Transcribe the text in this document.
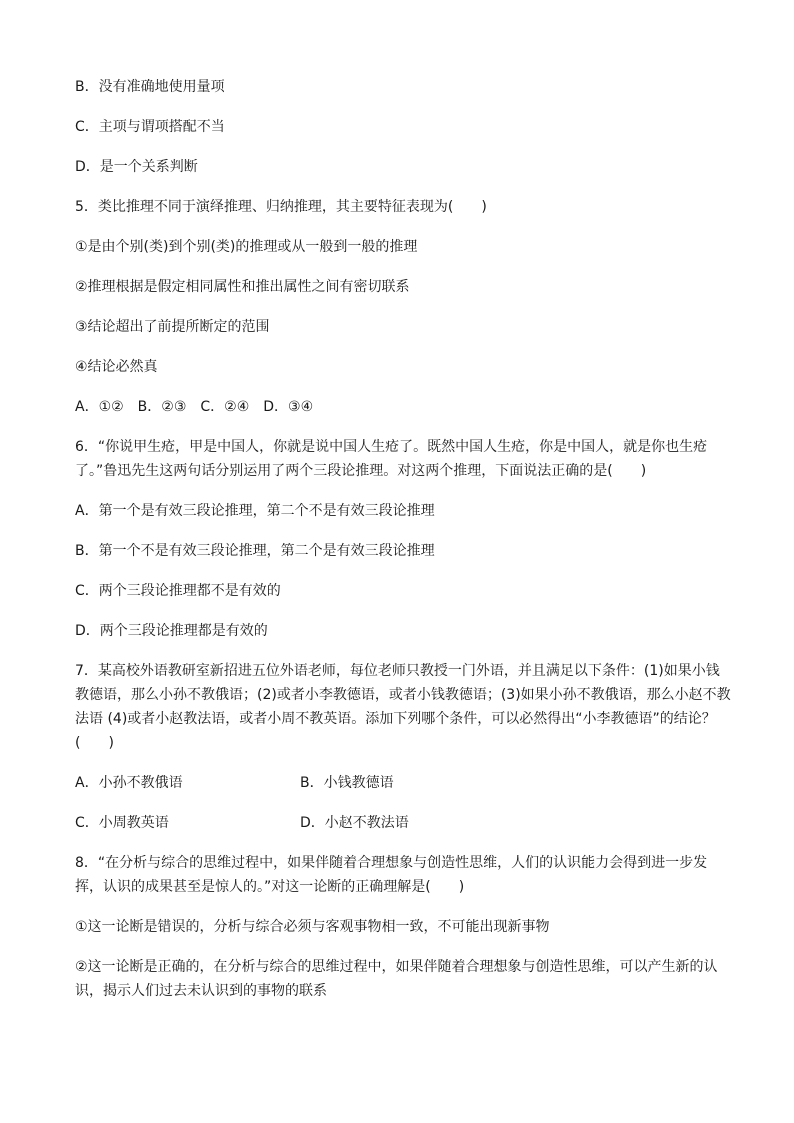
B．没有准确地使用量项
C．主项与谓项搭配不当
D．是一个关系判断
5．类比推理不同于演绎推理、归纳推理，其主要特征表现为(　　)
①是由个别(类)到个别(类)的推理或从一般到一般的推理
②推理根据是假定相同属性和推出属性之间有密切联系
③结论超出了前提所断定的范围
④结论必然真
A．①②　B．②③　C．②④　D．③④
6．“你说甲生疮，甲是中国人，你就是说中国人生疮了。既然中国人生疮，你是中国人，就是你也生疮
了。”鲁迅先生这两句话分别运用了两个三段论推理。对这两个推理，下面说法正确的是(　　)
A．第一个是有效三段论推理，第二个不是有效三段论推理
B．第一个不是有效三段论推理，第二个是有效三段论推理
C．两个三段论推理都不是有效的
D．两个三段论推理都是有效的
7．某高校外语教研室新招进五位外语老师，每位老师只教授一门外语，并且满足以下条件：(1)如果小钱
教德语，那么小孙不教俄语；(2)或者小李教德语，或者小钱教德语；(3)如果小孙不教俄语，那么小赵不教
法语 (4)或者小赵教法语，或者小周不教英语。添加下列哪个条件，可以必然得出“小李教德语”的结论？
(　　)
A．小孙不教俄语	B．小钱教德语
C．小周教英语	D．小赵不教法语
8．“在分析与综合的思维过程中，如果伴随着合理想象与创造性思维，人们的认识能力会得到进一步发
挥，认识的成果甚至是惊人的。”对这一论断的正确理解是(　　)
①这一论断是错误的，分析与综合必须与客观事物相一致，不可能出现新事物
②这一论断是正确的，在分析与综合的思维过程中，如果伴随着合理想象与创造性思维，可以产生新的认
识，揭示人们过去未认识到的事物的联系
